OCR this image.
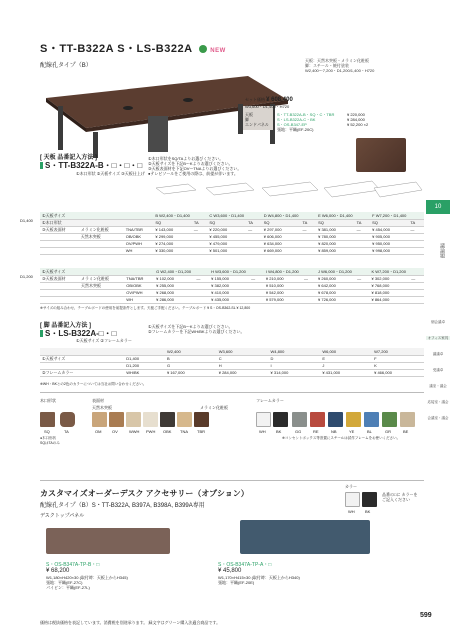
S・TT-B322A S・LS-B322A	NEW
配線孔タイプ（B）
天板：天然木突板・メラミン化粧板
脚：スチール・焼付塗装
W2,400〜7,200・D1,200/1,400・H720
セット価格 ¥ 608,400
W3,600・D1,400・H720
天板	S・TT-B322A-B・SQ・C・TBR	¥ 220,000
脚	S・LS-B322A-C・BK	¥ 284,000
エンドパネル S・OS-B347-EP	¥ 52,200 ×2
張地：平織(EF-20C)
[ 天板 品番記入方法 ]
S・TT-B322A-B・□・□・□
①木口形状 ②天板サイズ ③天板仕上げ
①木口形状をSQ/TAよりお選びください。
②天板サイズを下記B〜Kよりお選びください。
③天板表面材を下記OV〜TNAよりお選びください。
●テレビソールをご使用の際は、前提が伴います。
D1,400
①天板サイズ			B W2,400・D1,400		C W3,600・D1,400		D W4,800・D1,400		E W6,000・D1,400		F W7,200・D1,400	
①木口形状			SQ	TA	SQ	TA	SQ	TA	SQ	TA	SQ	TA
③天板表面材	メラミン化粧板	TNA/TBR	¥ 143,000	—	¥ 220,000	—	¥ 297,000	—	¥ 381,000	—	¥ 454,000	—
	天然木突板	OB/OBK	¥ 299,000		¥ 455,000		¥ 606,000		¥ 780,000		¥ 905,000	
		OV/PWH	¥ 274,000		¥ 479,000		¥ 634,000		¥ 820,000		¥ 950,000	
		WH	¥ 330,000		¥ 501,000		¥ 669,000		¥ 859,000		¥ 998,000	
D1,200
①天板サイズ			G W2,400・D1,200		H W3,600・D1,200		I W4,800・D1,200		J W6,000・D1,200		K W7,200・D1,200	
③天板表面材	メラミン化粧板	TNA/TBR	¥ 102,000	—	¥ 155,000	—	¥ 210,000	—	¥ 260,000	—	¥ 302,000	—
	天然木突板	OB/OBK	¥ 255,000		¥ 382,000		¥ 510,000		¥ 642,000		¥ 768,000	
		OV/PWH	¥ 268,000		¥ 410,000		¥ 542,000		¥ 678,000		¥ 818,000	
		WH	¥ 286,000		¥ 435,000		¥ 579,000		¥ 726,000		¥ 864,000	
※サイズの組み合わせ、テーブルボードの使用を前提条件とします。天板ご手配ください。テーブルボード ¥ S・OS-B362-SL ¥ 12,800
[ 脚 品番記入方法 ]
S・LS-B322A-□・□
①天板サイズ ②フレームカラー
①天板サイズを下記B〜Kよりお選びください。
②フレームカラーを下記WH/BKよりお選びください。
		W2,400	W3,600	W4,800	W6,000	W7,200
①天板サイズ	D1,400	B	C	D	E	F
	D1,200	G	H	I	J	K
②フレームカラー	WH/BK	¥ 167,000	¥ 284,000	¥ 314,000	¥ 431,000	¥ 466,000
※WH・BKとの2色のカラーについては当社お問い合わせください。
木口形状	表面材
天然木突板	メラミン化粧板
フレームカラー
SQ	TA
●木口形状
SQはTAのみ
OM	OV	WWH PWH OBK TNA TBR	WH	BK	GG	RE	NB	YE	BL	GR	BE
※コンセントボックス等設置にスチールは試作フレームをお使いください。
カスタマイズオーダーデスク アクセサリー（オプション）
配線孔タイプ（B）S・TT-B322A, B397A, B398A, B399A専用
デスクトップパネル
カラー
WH	BK
品番の□に カラーを ご記入ください
S・OS-B347A-TP-B・□
¥ 68,200
W1,180×H420×30 (取付時：天板上からH345)
張地：平織(EF-27C)
パイピン：平織(EF-27L)
S・OS-B347A-TP-A・□
¥ 45,800
W1,170×H415×30 (取付時：天板上からH340)
張地：平織(EF-20E)
10
議論題
個会議卓
オフィス家具
議議卓
受議卓
議室・議会
応接室・議会
会議室・議会
価格は税抜価格を表記しています。消費税を別途承ります。 緑文字はグリーン購入法適合商品です。
599
